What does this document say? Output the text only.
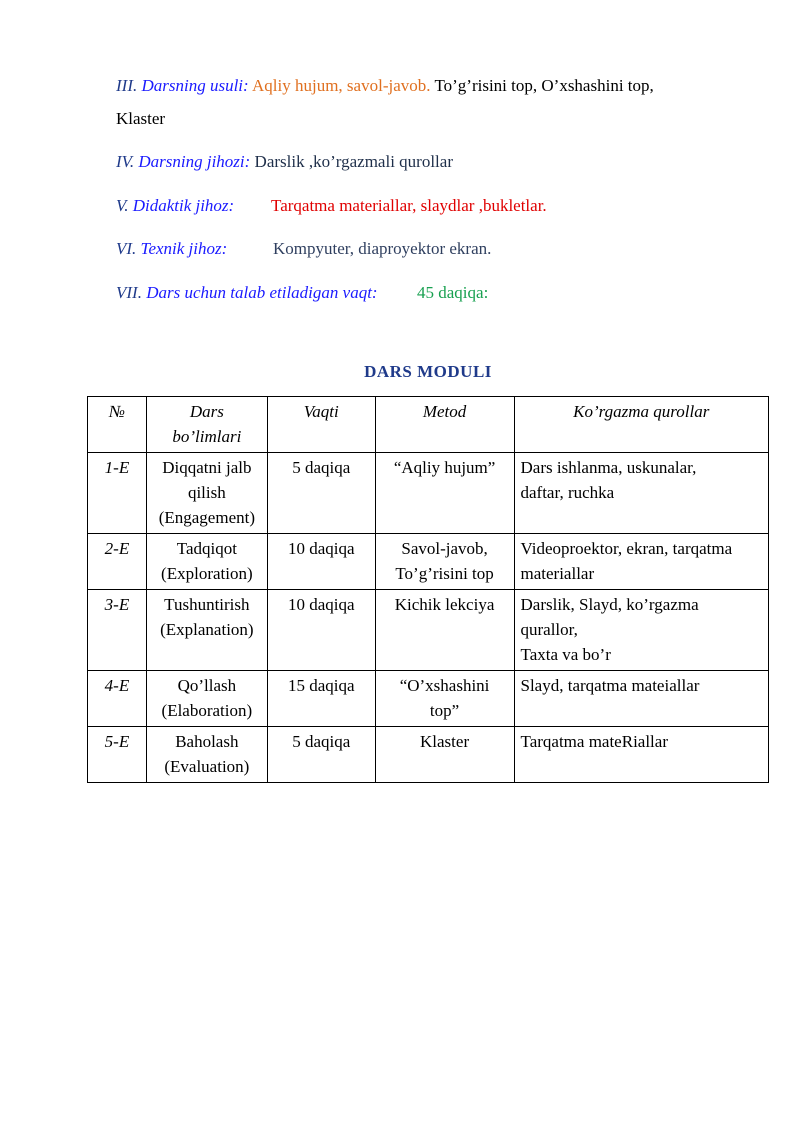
III. Darsning usuli: Aqliy hujum, savol-javob. To’g’risini top, O’xshashini top,
Klaster
IV. Darsning jihozi: Darslik ,ko’rgazmali qurollar
V. Didaktik jihoz: Tarqatma materiallar, slaydlar ,bukletlar.
VI. Texnik jihoz:	Kompyuter, diaproyektor ekran.
VII. Dars uchun talab etiladigan vaqt: 45 daqiqa:
DARS MODULI
№	Dars
bo’limlari	Vaqti	Metod	Ko’rgazma qurollar
1-E	Diqqatni jalb
qilish
(Engagement)	5 daqiqa	“Aqliy hujum”	Dars ishlanma, uskunalar,
daftar, ruchka
2-E	Tadqiqot
(Exploration)	10 daqiqa	Savol-javob,
To’g’risini top	Videoproektor, ekran, tarqatma
materiallar
3-E	Tushuntirish
(Explanation)	10 daqiqa	Kichik lekciya	Darslik, Slayd, ko’rgazma
qurallor,
Taxta va bo’r
4-E	Qo’llash
(Elaboration)	15 daqiqa	“O’xshashini
top”	Slayd, tarqatma mateiallar
5-E	Baholash
(Evaluation)	5 daqiqa	Klaster	Tarqatma mateRiallar
